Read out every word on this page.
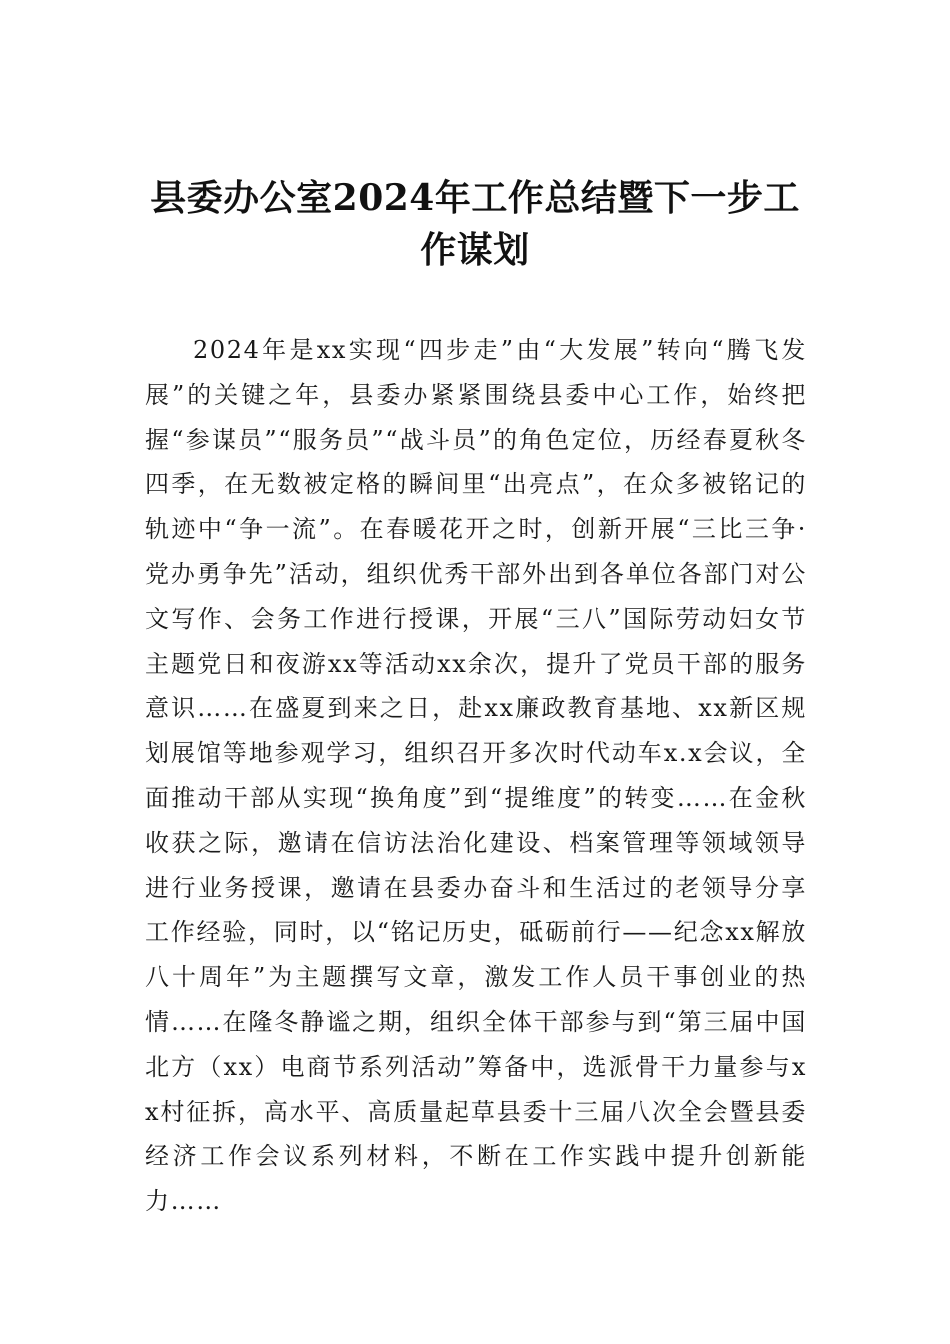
县委办公室2024年工作总结暨下一步工作谋划

2024年是xx实现“四步走”由“大发展”转向“腾飞发展”的关键之年，县委办紧紧围绕县委中心工作，始终把握“参谋员”“服务员”“战斗员”的角色定位，历经春夏秋冬四季，在无数被定格的瞬间里“出亮点”，在众多被铭记的轨迹中“争一流”。在春暖花开之时，创新开展“三比三争·党办勇争先”活动，组织优秀干部外出到各单位各部门对公文写作、会务工作进行授课，开展“三八”国际劳动妇女节主题党日和夜游xx等活动xx余次，提升了党员干部的服务意识……在盛夏到来之日，赴xx廉政教育基地、xx新区规划展馆等地参观学习，组织召开多次时代动车x.x会议，全面推动干部从实现“换角度”到“提维度”的转变……在金秋收获之际，邀请在信访法治化建设、档案管理等领域领导进行业务授课，邀请在县委办奋斗和生活过的老领导分享工作经验，同时，以“铭记历史，砥砺前行——纪念xx解放八十周年”为主题撰写文章，激发工作人员干事创业的热情……在隆冬静谧之期，组织全体干部参与到“第三届中国北方（xx）电商节系列活动”筹备中，选派骨干力量参与xx村征拆，高水平、高质量起草县委十三届八次全会暨县委经济工作会议系列材料，不断在工作实践中提升创新能力……
